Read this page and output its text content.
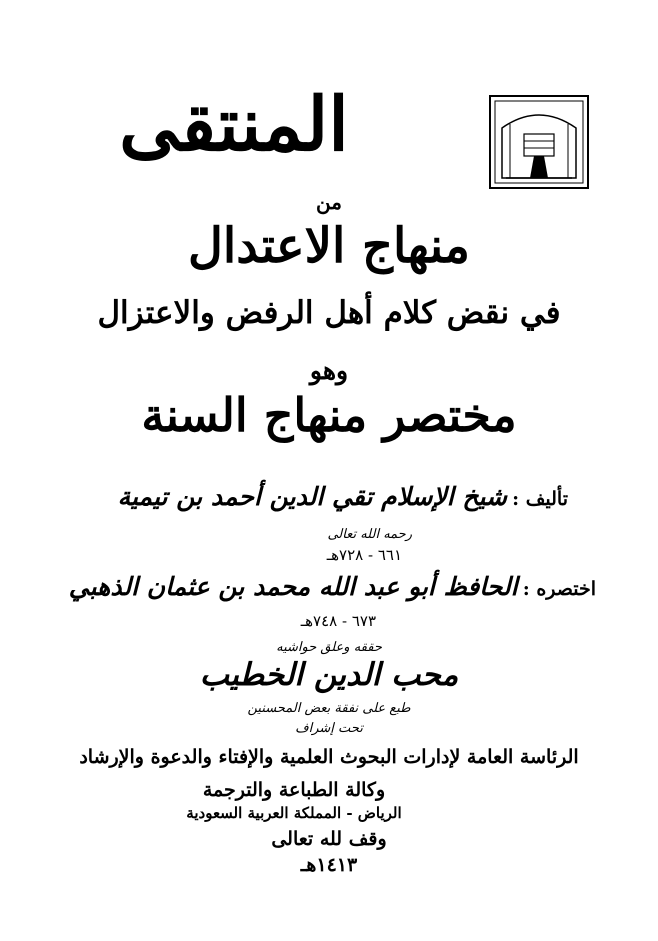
المنتقى
من
منهاج الاعتدال
في نقض كلام أهل الرفض والاعتزال
وهو
مختصر منهاج السنة
تأليف : شيخ الإسلام تقي الدين أحمد بن تيمية
رحمه الله تعالى
٦٦١ - ٧٢٨هـ
اختصره : الحافظ أبو عبد الله محمد بن عثمان الذهبي
٦٧٣ - ٧٤٨هـ
حققه وعلق حواشيه
محب الدين الخطيب
طبع على نفقة بعض المحسنين
تحت إشراف
الرئاسة العامة لإدارات البحوث العلمية والإفتاء والدعوة والإرشاد
وكالة الطباعة والترجمة
الرياض - المملكة العربية السعودية
وقف لله تعالى
١٤١٣هـ
